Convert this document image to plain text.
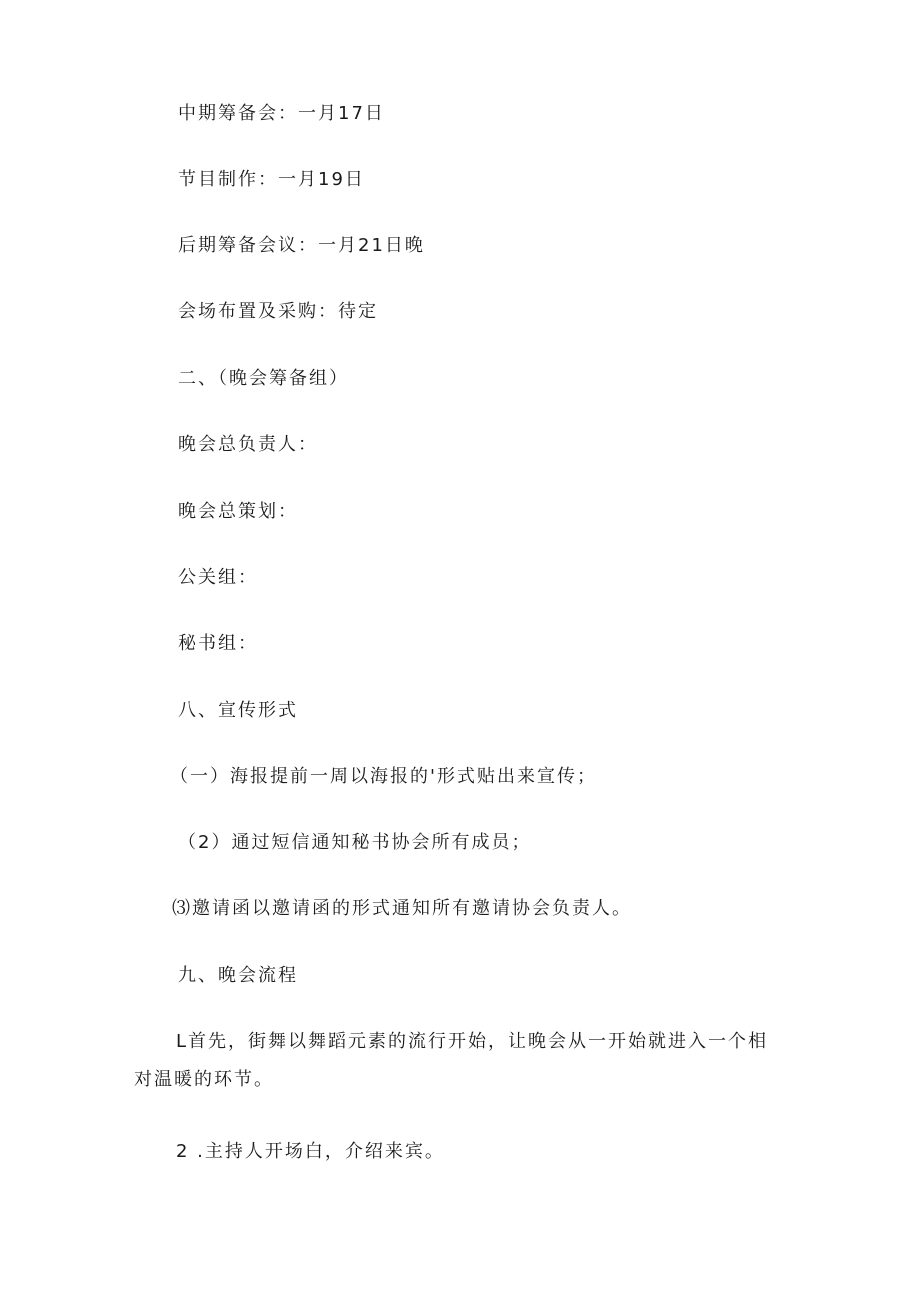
中期筹备会：一月17日
节目制作：一月19日
后期筹备会议：一月21日晚
会场布置及采购：待定
二、（晚会筹备组）
晚会总负责人：
晚会总策划：
公关组：
秘书组：
八、宣传形式
（一）海报提前一周以海报的'形式贴出来宣传；
（2）通过短信通知秘书协会所有成员；
⑶邀请函以邀请函的形式通知所有邀请协会负责人。
九、晚会流程
L首先，街舞以舞蹈元素的流行开始，让晚会从一开始就进入一个相
对温暖的环节。
2 .主持人开场白，介绍来宾。
